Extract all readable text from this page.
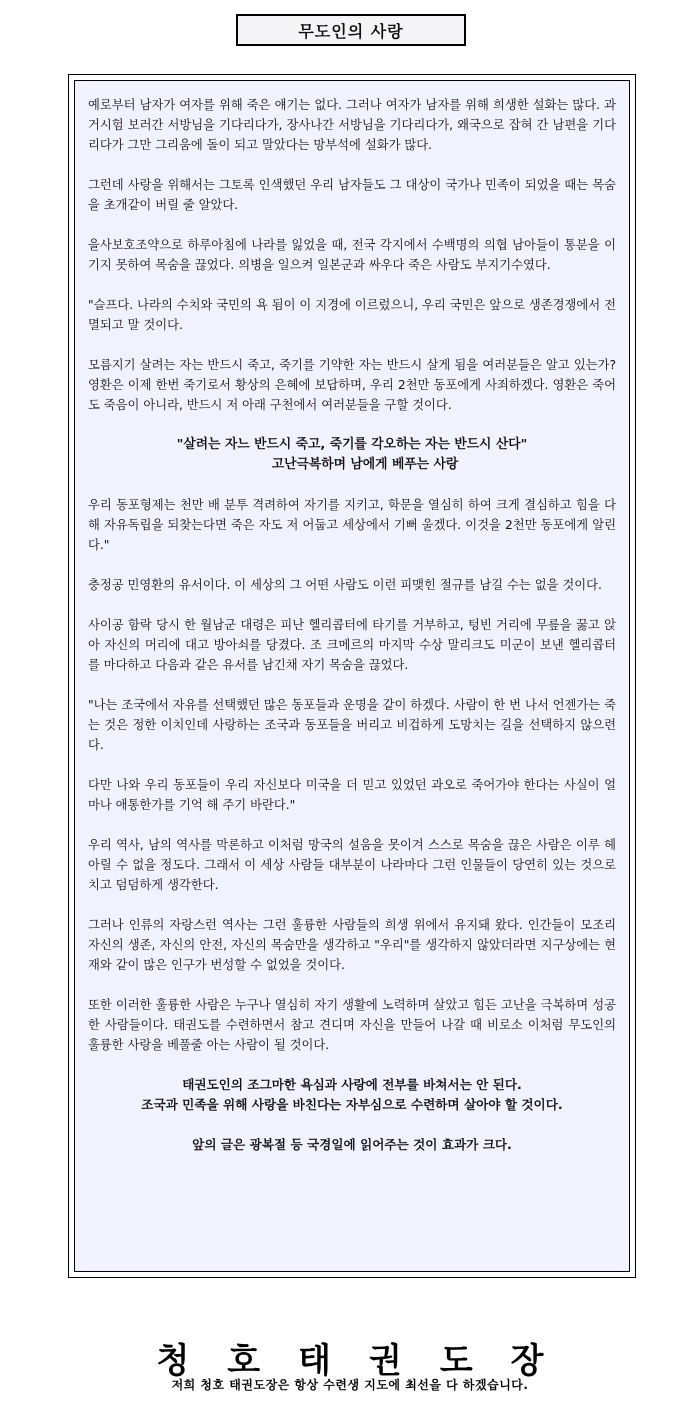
무도인의 사랑

예로부터 남자가 여자를 위해 죽은 얘기는 없다. 그러나 여자가 남자를 위해 희생한 설화는 많다. 과거시험 보러간 서방님을 기다리다가, 장사나간 서방님을 기다리다가, 왜국으로 잡혀 간 남편을 기다리다가 그만 그리움에 돌이 되고 말았다는 망부석에 설화가 많다.

그런데 사랑을 위해서는 그토록 인색했던 우리 남자들도 그 대상이 국가나 민족이 되었을 때는 목숨을 초개같이 버릴 줄 알았다.

을사보호조약으로 하루아침에 나라를 잃었을 때, 전국 각지에서 수백명의 의협 남아들이 통분을 이기지 못하여 목숨을 끊었다. 의병을 일으켜 일본군과 싸우다 죽은 사람도 부지기수였다.

"슬프다. 나라의 수치와 국민의 욕 됨이 이 지경에 이르렀으니, 우리 국민은 앞으로 생존경쟁에서 전멸되고 말 것이다.

모름지기 살려는 자는 반드시 죽고, 죽기를 기약한 자는 반드시 살게 됨을 여러분들은 알고 있는가? 영환은 이제 한번 죽기로서 황상의 은혜에 보답하며, 우리 2천만 동포에게 사죄하겠다. 영환은 죽어도 죽음이 아니라, 반드시 저 아래 구천에서 여러분들을 구할 것이다.

"살려는 자느 반드시 죽고, 죽기를 각오하는 자는 반드시 산다"
고난극복하며 남에게 베푸는 사랑

우리 동포형제는 천만 배 분투 격려하여 자기를 지키고, 학문을 열심히 하여 크게 결심하고 힘을 다해 자유독립을 되찾는다면 죽은 자도 저 어둡고 세상에서 기뻐 울겠다. 이것을 2천만 동포에게 알린다."

충정공 민영환의 유서이다. 이 세상의 그 어떤 사람도 이런 피맺힌 절규를 남길 수는 없을 것이다.

사이공 함락 당시 한 월남군 대령은 피난 헬리콥터에 타기를 거부하고, 텅빈 거리에 무릎을 꿇고 앉아 자신의 머리에 대고 방아쇠를 당겼다. 조 크메르의 마지막 수상 말리크도 미군이 보낸 헬리콥터를 마다하고 다음과 같은 유서를 남긴채 자기 목숨을 끊었다.

"나는 조국에서 자유를 선택했던 많은 동포들과 운명을 같이 하겠다. 사람이 한 번 나서 언젠가는 죽는 것은 정한 이치인데 사랑하는 조국과 동포들을 버리고 비겁하게 도망치는 길을 선택하지 않으련다.

다만 나와 우리 동포들이 우리 자신보다 미국을 더 믿고 있었던 과오로 죽어가야 한다는 사실이 얼마나 애통한가를 기억 해 주기 바란다."

우리 역사, 남의 역사를 막론하고 이처럼 망국의 설움을 못이겨 스스로 목숨을 끊은 사람은 이루 헤아릴 수 없을 정도다. 그래서 이 세상 사람들 대부분이 나라마다 그런 인물들이 당연히 있는 것으로 치고 덤덤하게 생각한다.

그러나 인류의 자랑스런 역사는 그런 훌륭한 사람들의 희생 위에서 유지돼 왔다. 인간들이 모조리 자신의 생존, 자신의 안전, 자신의 목숨만을 생각하고 "우리"를 생각하지 않았더라면 지구상에는 현재와 같이 많은 인구가 번성할 수 없었을 것이다.

또한 이러한 훌륭한 사람은 누구나 열심히 자기 생활에 노력하며 살았고 힘든 고난을 극복하며 성공한 사람들이다. 태권도를 수련하면서 참고 견디며 자신을 만들어 나갈 때 비로소 이처럼 무도인의 훌륭한 사랑을 베풀줄 아는 사람이 될 것이다.

태권도인의 조그마한 욕심과 사랑에 전부를 바쳐서는 안 된다.
조국과 민족을 위해 사랑을 바친다는 자부심으로 수련하며 살아야 할 것이다.
앞의 글은 광복절 등 국경일에 읽어주는 것이 효과가 크다.
청호태권도장
저희 청호 태권도장은 항상 수련생 지도에 최선을 다 하겠습니다.
